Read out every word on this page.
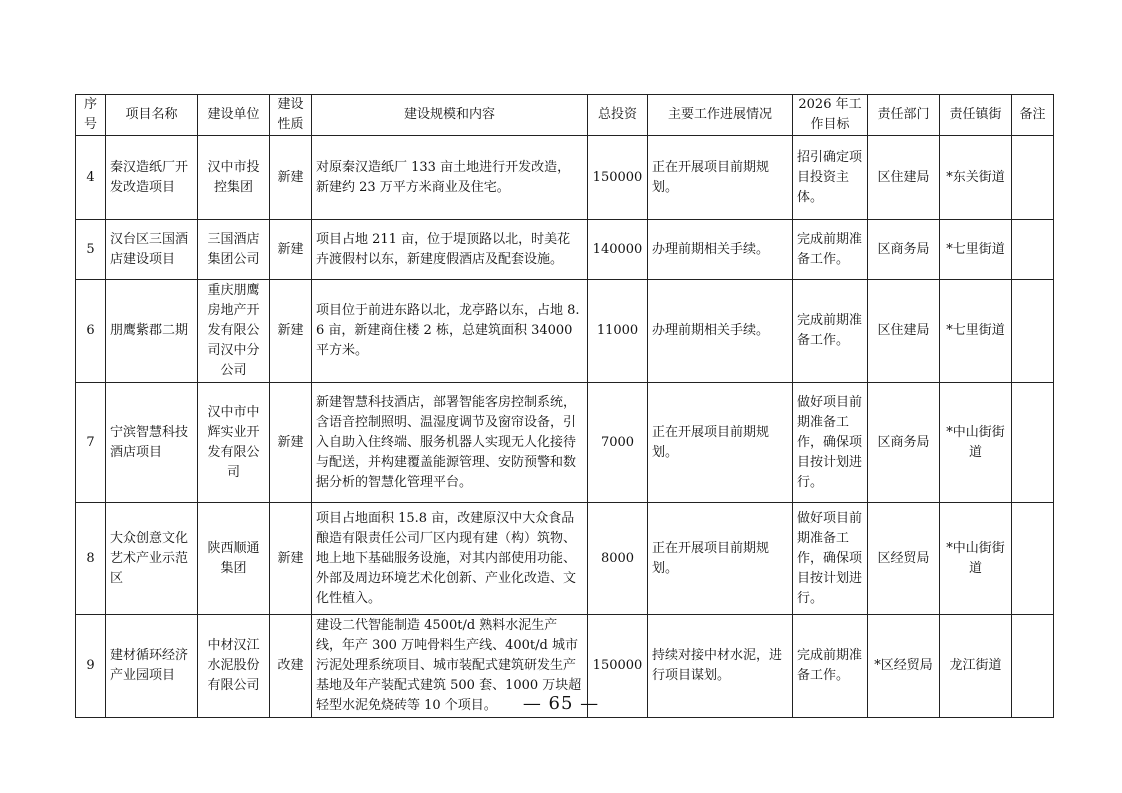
序号	项目名称	建设单位	建设性质	建设规模和内容	总投资	主要工作进展情况	2026 年工作目标	责任部门	责任镇街	备注
4	秦汉造纸厂开发改造项目	汉中市投控集团	新建	对原秦汉造纸厂 133 亩土地进行开发改造，新建约 23 万平方米商业及住宅。	150000	正在开展项目前期规划。	招引确定项目投资主体。	区住建局	*东关街道	
5	汉台区三国酒店建设项目	三国酒店集团公司	新建	项目占地 211 亩，位于堤顶路以北，时美花卉渡假村以东，新建度假酒店及配套设施。	140000	办理前期相关手续。	完成前期准备工作。	区商务局	*七里街道	
6	朋鹰紫郡二期	重庆朋鹰房地产开发有限公司汉中分公司	新建	项目位于前进东路以北，龙亭路以东，占地 8.6 亩，新建商住楼 2 栋，总建筑面积 34000 平方米。	11000	办理前期相关手续。	完成前期准备工作。	区住建局	*七里街道	
7	宁滨智慧科技酒店项目	汉中市中辉实业开发有限公司	新建	新建智慧科技酒店，部署智能客房控制系统，含语音控制照明、温湿度调节及窗帘设备，引入自助入住终端、服务机器人实现无人化接待与配送，并构建覆盖能源管理、安防预警和数据分析的智慧化管理平台。	7000	正在开展项目前期规划。	做好项目前期准备工作，确保项目按计划进行。	区商务局	*中山街街道	
8	大众创意文化艺术产业示范区	陕西顺通集团	新建	项目占地面积 15.8 亩，改建原汉中大众食品酿造有限责任公司厂区内现有建（构）筑物、地上地下基础服务设施，对其内部使用功能、外部及周边环境艺术化创新、产业化改造、文化性植入。	8000	正在开展项目前期规划。	做好项目前期准备工作，确保项目按计划进行。	区经贸局	*中山街街道	
9	建材循环经济产业园项目	中材汉江水泥股份有限公司	改建	建设二代智能制造 4500t/d 熟料水泥生产线，年产 300 万吨骨料生产线、400t/d 城市污泥处理系统项目、城市装配式建筑研发生产基地及年产装配式建筑 500 套、1000 万块超轻型水泥免烧砖等 10 个项目。	150000	持续对接中材水泥，进行项目谋划。	完成前期准备工作。	*区经贸局	龙江街道	
— 65 —
